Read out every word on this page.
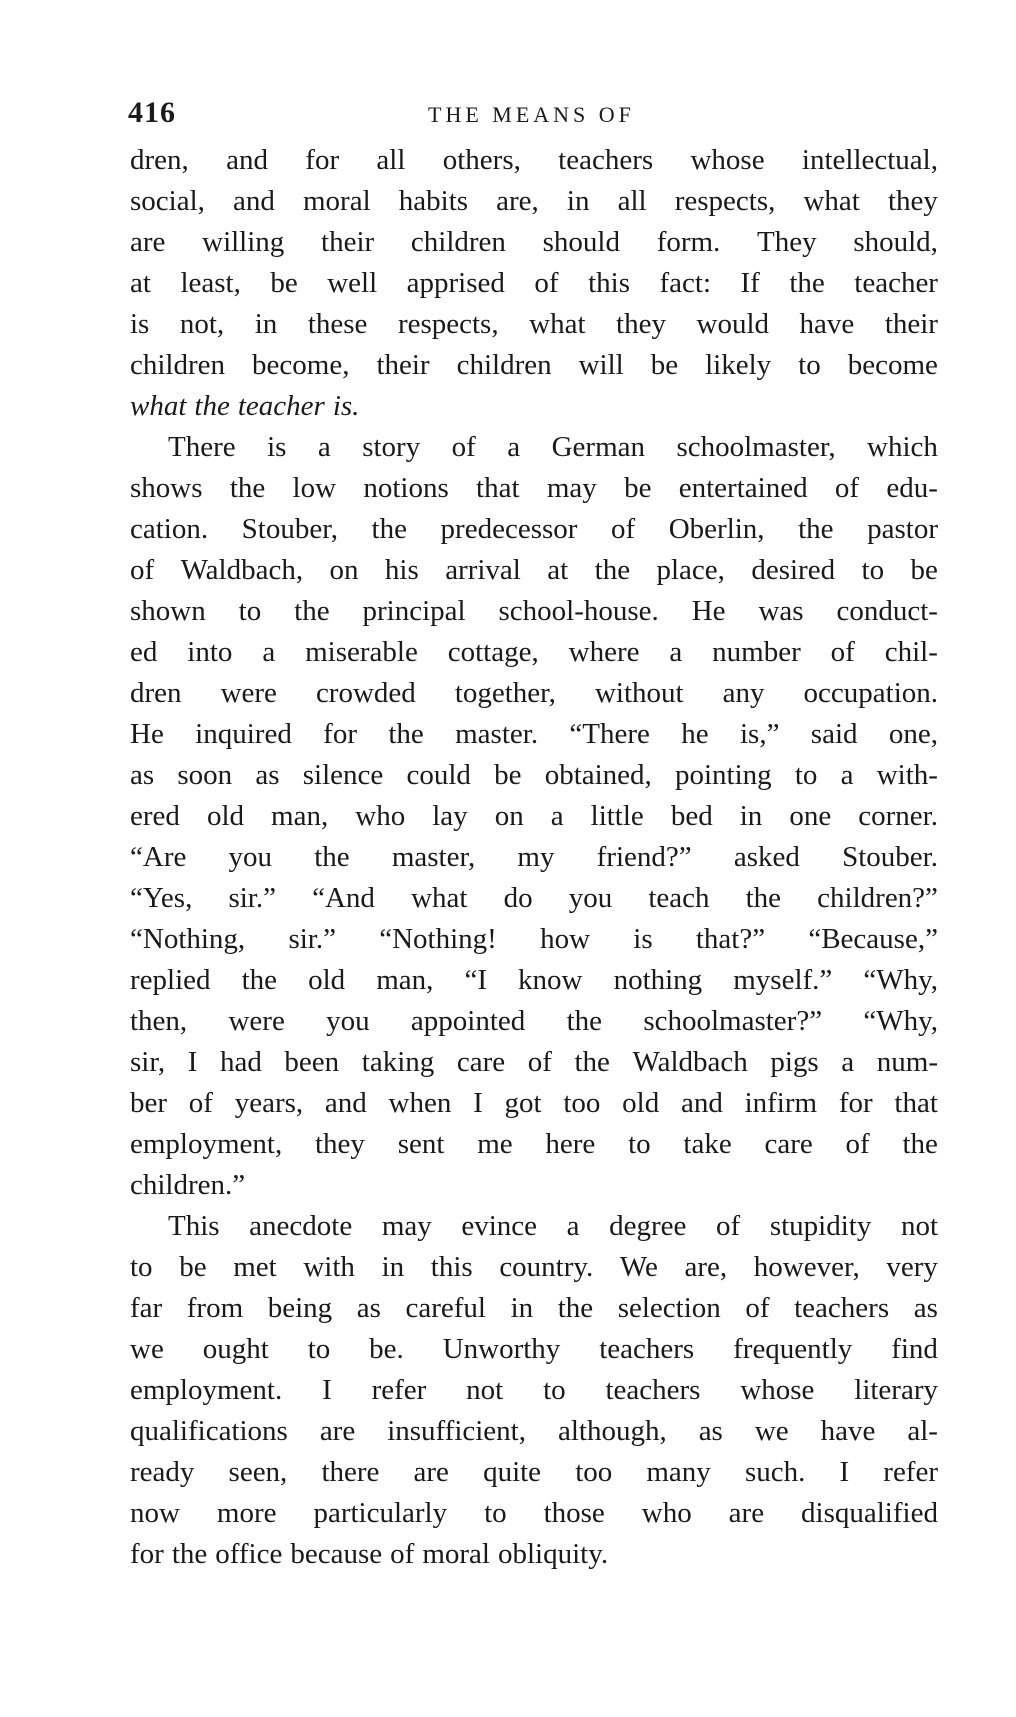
416	THE MEANS OF
dren, and for all others, teachers whose intellectual,
social, and moral habits are, in all respects, what they
are willing their children should form. They should,
at least, be well apprised of this fact: If the teacher
is not, in these respects, what they would have their
children become, their children will be likely to become
what the teacher is.
There is a story of a German schoolmaster, which
shows the low notions that may be entertained of edu-
cation. Stouber, the predecessor of Oberlin, the pastor
of Waldbach, on his arrival at the place, desired to be
shown to the principal school-house. He was conduct-
ed into a miserable cottage, where a number of chil-
dren were crowded together, without any occupation.
He inquired for the master. “There he is,” said one,
as soon as silence could be obtained, pointing to a with-
ered old man, who lay on a little bed in one corner.
“Are you the master, my friend?” asked Stouber.
“Yes, sir.” “And what do you teach the children?”
“Nothing, sir.” “Nothing! how is that?” “Because,”
replied the old man, “I know nothing myself.” “Why,
then, were you appointed the schoolmaster?” “Why,
sir, I had been taking care of the Waldbach pigs a num-
ber of years, and when I got too old and infirm for that
employment, they sent me here to take care of the
children.”
This anecdote may evince a degree of stupidity not
to be met with in this country. We are, however, very
far from being as careful in the selection of teachers as
we ought to be. Unworthy teachers frequently find
employment. I refer not to teachers whose literary
qualifications are insufficient, although, as we have al-
ready seen, there are quite too many such. I refer
now more particularly to those who are disqualified
for the office because of moral obliquity.
